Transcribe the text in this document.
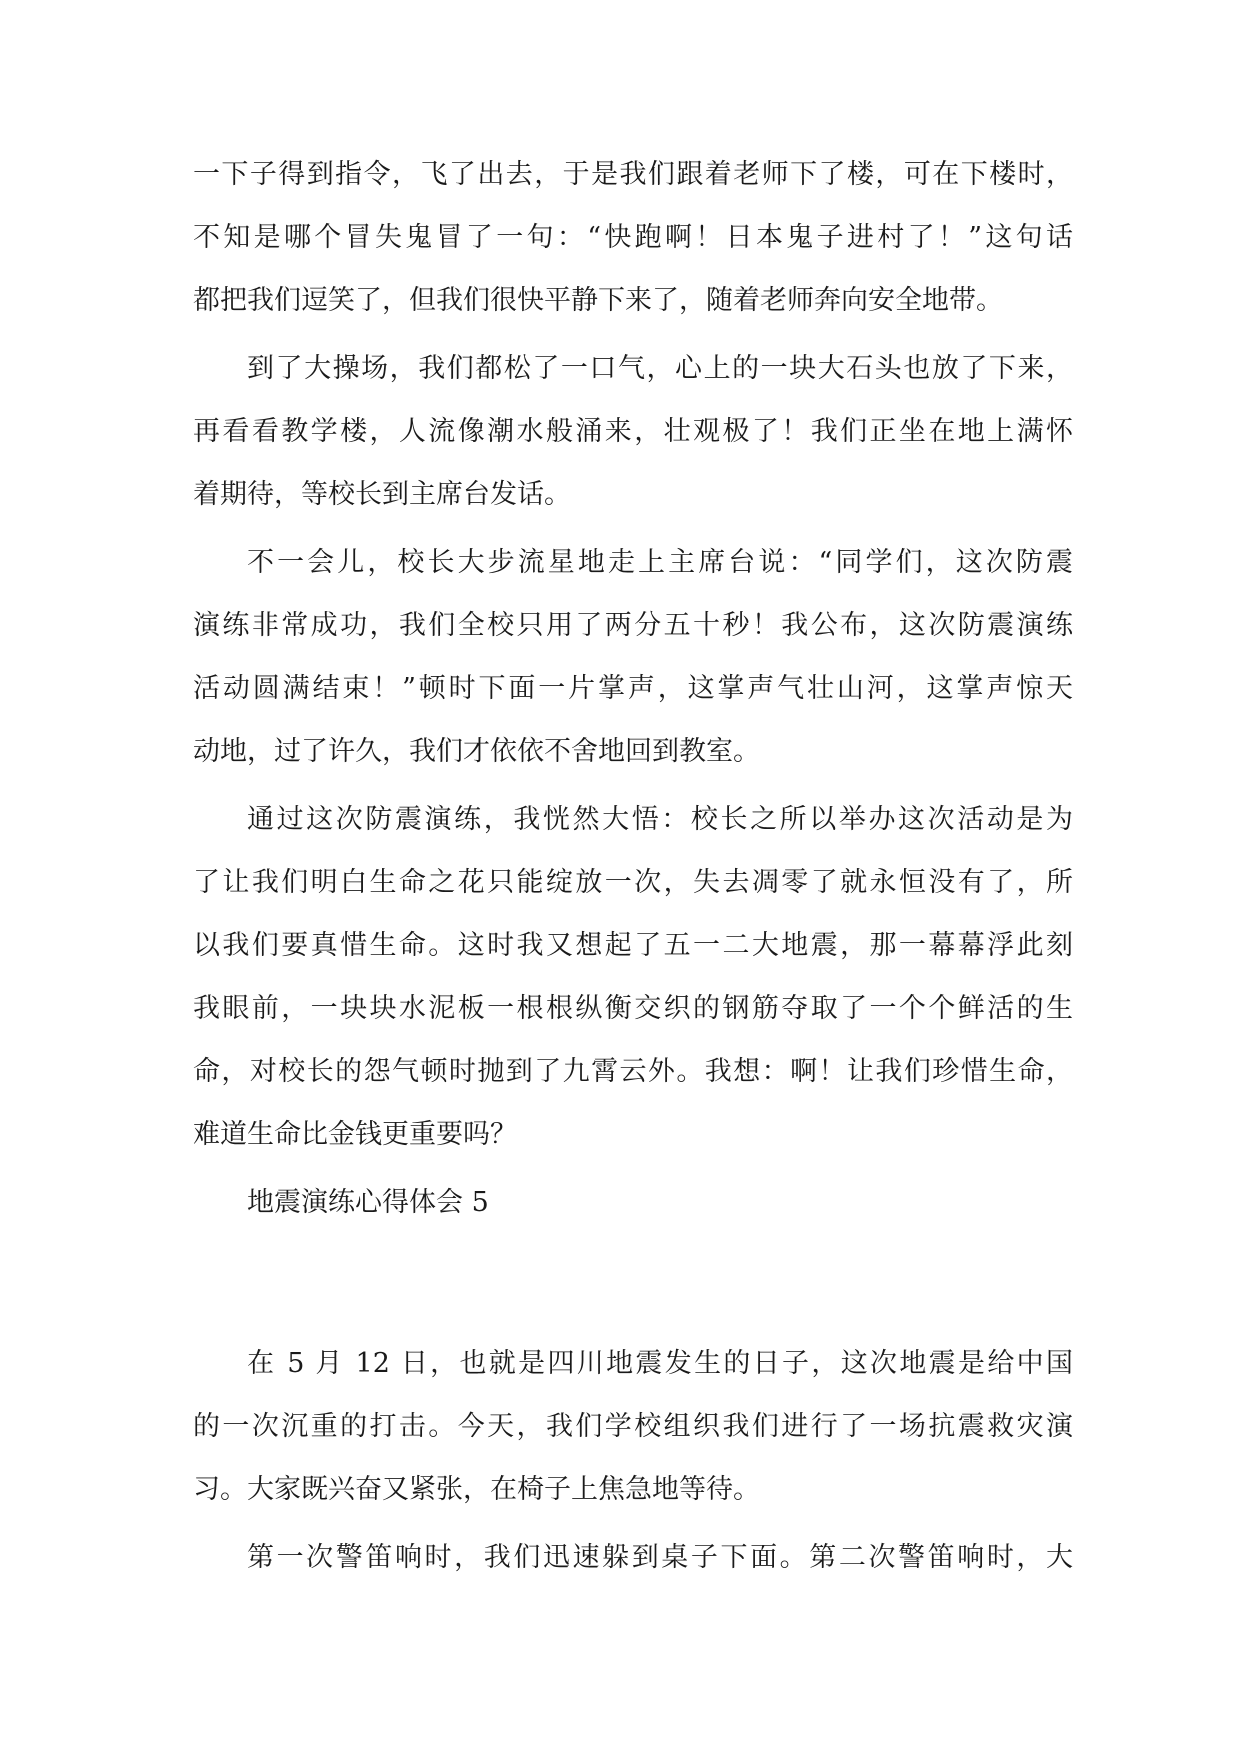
一下子得到指令，飞了出去，于是我们跟着老师下了楼，可在下楼时，
不知是哪个冒失鬼冒了一句：“快跑啊！日本鬼子进村了！”这句话
都把我们逗笑了，但我们很快平静下来了，随着老师奔向安全地带。
到了大操场，我们都松了一口气，心上的一块大石头也放了下来，
再看看教学楼，人流像潮水般涌来，壮观极了！我们正坐在地上满怀
着期待，等校长到主席台发话。
不一会儿，校长大步流星地走上主席台说：“同学们，这次防震
演练非常成功，我们全校只用了两分五十秒！我公布，这次防震演练
活动圆满结束！”顿时下面一片掌声，这掌声气壮山河，这掌声惊天
动地，过了许久，我们才依依不舍地回到教室。
通过这次防震演练，我恍然大悟：校长之所以举办这次活动是为
了让我们明白生命之花只能绽放一次，失去凋零了就永恒没有了，所
以我们要真惜生命。这时我又想起了五一二大地震，那一幕幕浮此刻
我眼前，一块块水泥板一根根纵衡交织的钢筋夺取了一个个鲜活的生
命，对校长的怨气顿时抛到了九霄云外。我想：啊！让我们珍惜生命，
难道生命比金钱更重要吗？
地震演练心得体会 5
在 5 月 12 日，也就是四川地震发生的日子，这次地震是给中国
的一次沉重的打击。今天，我们学校组织我们进行了一场抗震救灾演
习。大家既兴奋又紧张，在椅子上焦急地等待。
第一次警笛响时，我们迅速躲到桌子下面。第二次警笛响时，大
